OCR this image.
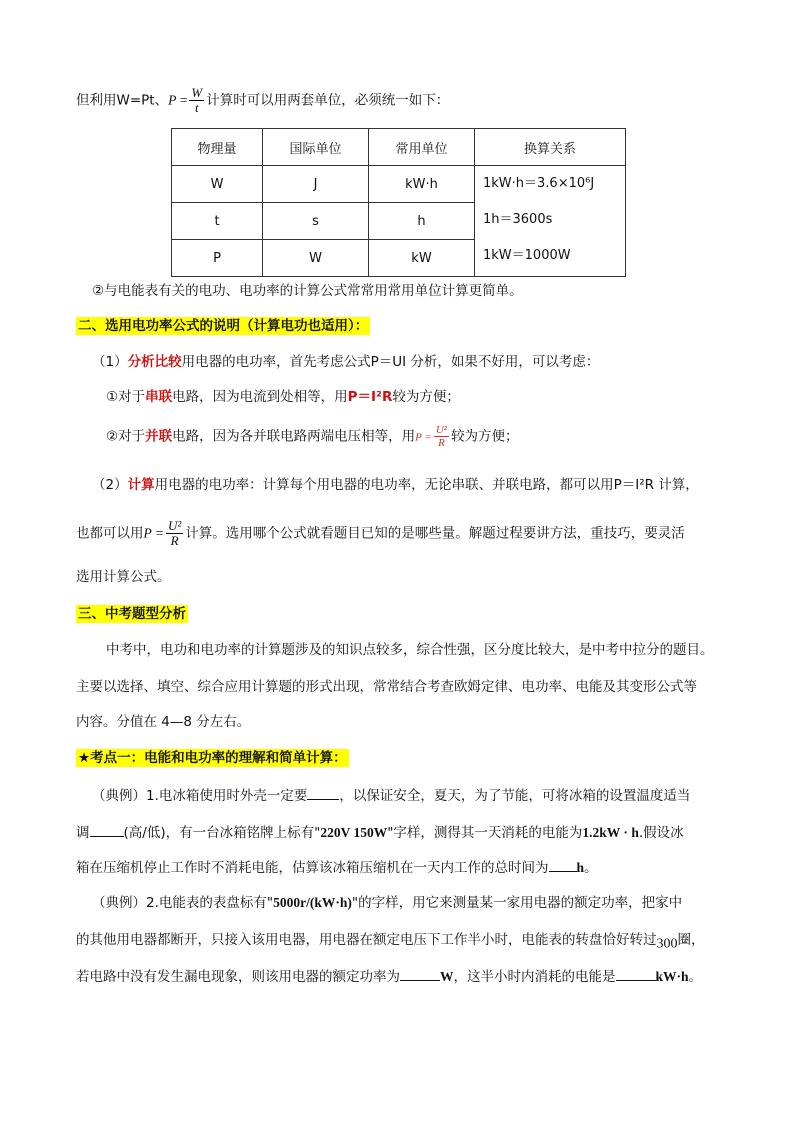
但利用W=Pt、$P = \frac{W}{t}$ 计算时可以用两套单位，必须统一如下：
物理量	国际单位	常用单位	换算关系
W	J	kW·h	1kW·h＝3.6×10⁶J
1h＝3600s
1kW＝1000W

t	s	h	
P	W	kW	
②与电能表有关的电功、电功率的计算公式常常用常用单位计算更简单。
二、选用电功率公式的说明（计算电功也适用）：
（1）分析比较用电器的电功率，首先考虑公式P＝UI 分析，如果不好用，可以考虑：
①对于串联电路，因为电流到处相等，用P＝I²R较为方便；
②对于并联电路，因为各并联电路两端电压相等，用$P = \frac{\text{U²}}{R}$ 较为方便；
（2）计算用电器的电功率：计算每个用电器的电功率，无论串联、并联电路，都可以用P＝I²R 计算，
也都可以用$P = \frac{\text{U²}}{R}$ 计算。选用哪个公式就看题目已知的是哪些量。解题过程要讲方法，重技巧，要灵活
选用计算公式。
三、中考题型分析
中考中，电功和电功率的计算题涉及的知识点较多，综合性强，区分度比较大，是中考中拉分的题目。
主要以选择、填空、综合应用计算题的形式出现，常常结合考查欧姆定律、电功率、电能及其变形公式等
内容。分值在 4—8 分左右。
★考点一：电能和电功率的理解和简单计算：
（典例）1.电冰箱使用时外壳一定要 ，以保证安全，夏天，为了节能，可将冰箱的设置温度适当
调	(高/低)，有一台冰箱铭牌上标有"220V 150W"字样，测得其一天消耗的电能为1.2kW · h.假设冰
箱在压缩机停止工作时不消耗电能，估算该冰箱压缩机在一天内工作的总时间为 h。
（典例）2.电能表的表盘标有"5000r/(kW·h)"的字样，用它来测量某一家用电器的额定功率，把家中
的其他用电器都断开，只接入该用电器，用电器在额定电压下工作半小时，电能表的转盘恰好转过300圈，
若电路中没有发生漏电现象，则该用电器的额定功率为	W，这半小时内消耗的电能是	kW·h。
